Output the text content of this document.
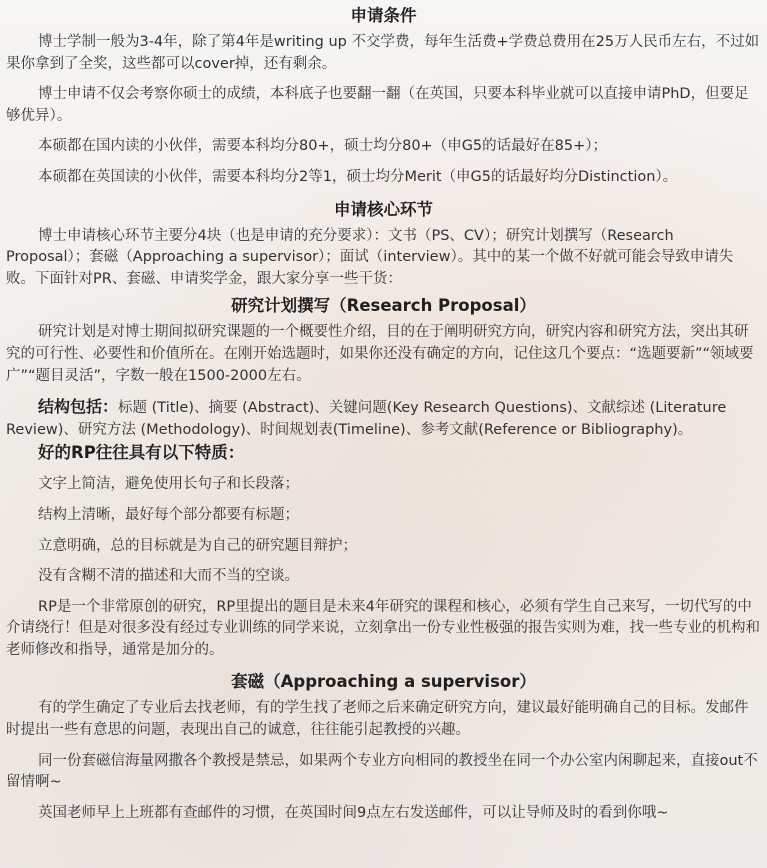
申请条件

博士学制一般为3-4年，除了第4年是writing up 不交学费，每年生活费+学费总费用在25万人民币左右，不过如果你拿到了全奖，这些都可以cover掉，还有剩余。

博士申请不仅会考察你硕士的成绩，本科底子也要翻一翻（在英国，只要本科毕业就可以直接申请PhD，但要足够优异）。

本硕都在国内读的小伙伴，需要本科均分80+，硕士均分80+（申G5的话最好在85+）；

本硕都在英国读的小伙伴，需要本科均分2等1，硕士均分Merit（申G5的话最好均分Distinction）。

申请核心环节

博士申请核心环节主要分4块（也是申请的充分要求）：文书（PS、CV）；研究计划撰写（Research Proposal）；套磁（Approaching a supervisor）；面试（interview）。其中的某一个做不好就可能会导致申请失败。下面针对PR、套磁、申请奖学金，跟大家分享一些干货：

研究计划撰写（Research Proposal）

研究计划是对博士期间拟研究课题的一个概要性介绍，目的在于阐明研究方向，研究内容和研究方法，突出其研究的可行性、必要性和价值所在。在刚开始选题时，如果你还没有确定的方向，记住这几个要点：“选题要新”“领域要广”“题目灵活”，字数一般在1500-2000左右。

结构包括：标题 (Title)、摘要 (Abstract)、关键问题(Key Research Questions)、文献综述 (Literature Review)、研究方法 (Methodology)、时间规划表(Timeline)、参考文献(Reference or Bibliography)。

好的RP往往具有以下特质：

文字上简洁，避免使用长句子和长段落；

结构上清晰，最好每个部分都要有标题；

立意明确，总的目标就是为自己的研究题目辩护；

没有含糊不清的描述和大而不当的空谈。

RP是一个非常原创的研究，RP里提出的题目是未来4年研究的课程和核心，必须有学生自己来写，一切代写的中介请绕行！但是对很多没有经过专业训练的同学来说，立刻拿出一份专业性极强的报告实则为难，找一些专业的机构和老师修改和指导，通常是加分的。

套磁（Approaching a supervisor）

有的学生确定了专业后去找老师，有的学生找了老师之后来确定研究方向，建议最好能明确自己的目标。发邮件时提出一些有意思的问题，表现出自己的诚意，往往能引起教授的兴趣。

同一份套磁信海量网撒各个教授是禁忌，如果两个专业方向相同的教授坐在同一个办公室内闲聊起来，直接out不留情啊~

英国老师早上上班都有查邮件的习惯，在英国时间9点左右发送邮件，可以让导师及时的看到你哦~
